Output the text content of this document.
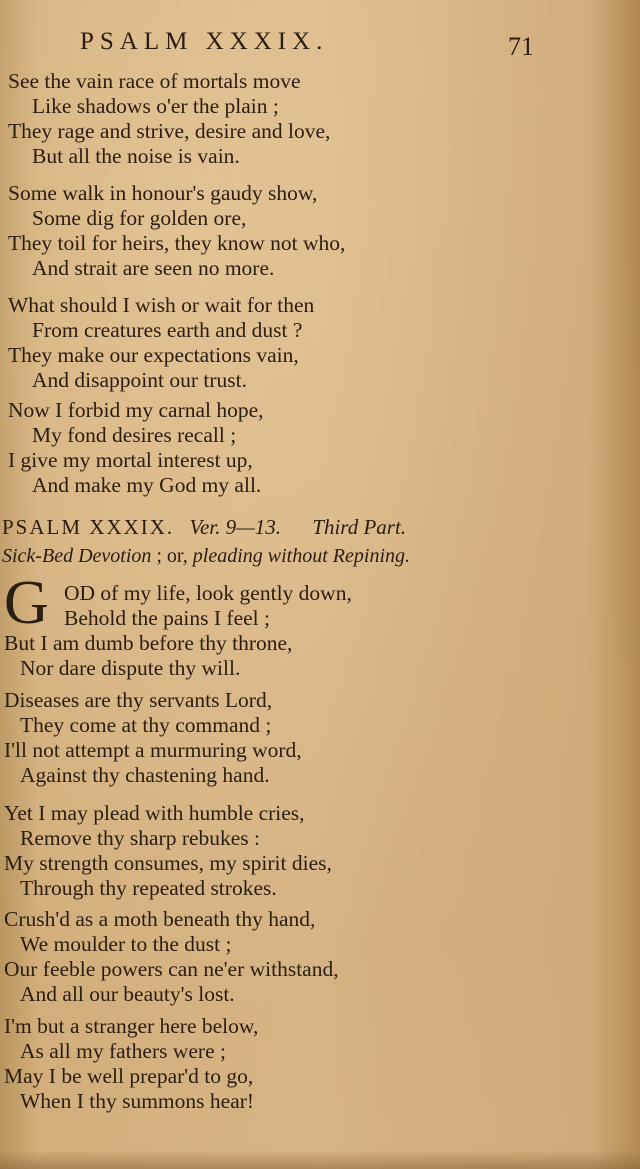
PSALM XXXIX.	71
See the vain race of mortals move
Like shadows o'er the plain ;
They rage and strive, desire and love,
But all the noise is vain.
Some walk in honour's gaudy show,
Some dig for golden ore,
They toil for heirs, they know not who,
And strait are seen no more.
What should I wish or wait for then
From creatures earth and dust ?
They make our expectations vain,
And disappoint our trust.
Now I forbid my carnal hope,
My fond desires recall ;
I give my mortal interest up,
And make my God my all.
PSALM XXXIX. Ver. 9—13. Third Part.
Sick-Bed Devotion ; or, pleading without Repining.
G OD of my life, look gently down,
Behold the pains I feel ;
But I am dumb before thy throne,
Nor dare dispute thy will.
Diseases are thy servants Lord,
They come at thy command ;
I'll not attempt a murmuring word,
Against thy chastening hand.
Yet I may plead with humble cries,
Remove thy sharp rebukes :
My strength consumes, my spirit dies,
Through thy repeated strokes.
Crush'd as a moth beneath thy hand,
We moulder to the dust ;
Our feeble powers can ne'er withstand,
And all our beauty's lost.
I'm but a stranger here below,
As all my fathers were ;
May I be well prepar'd to go,
When I thy summons hear!
